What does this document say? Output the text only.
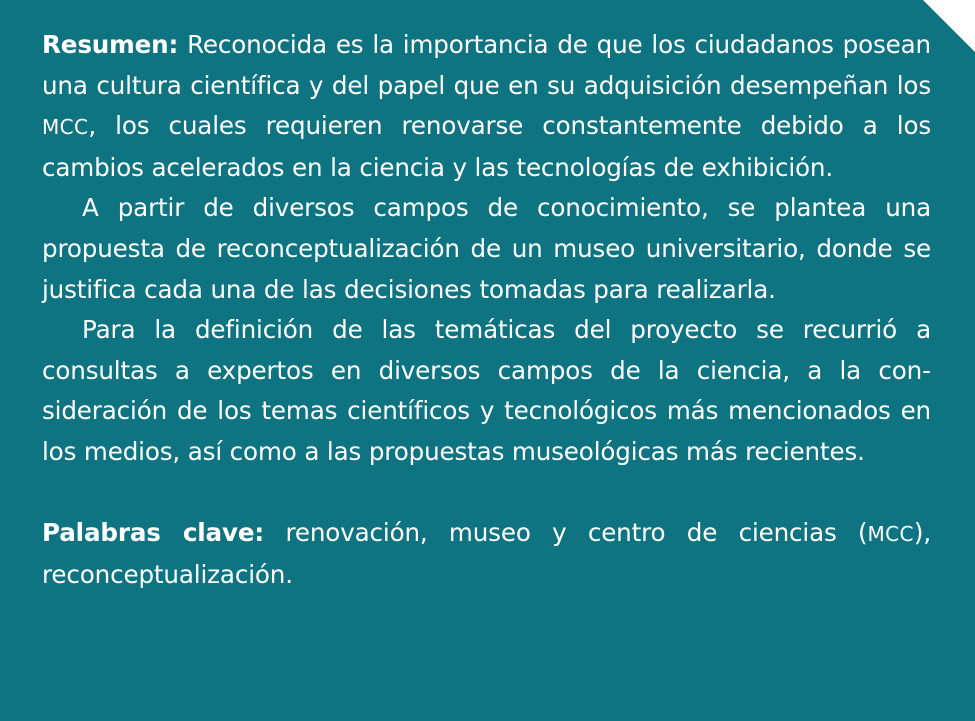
Resumen: Reconocida es la importancia de que los ciudadanos posean una cultura científica y del papel que en su adquisición desempeñan los MCC, los cuales requieren renovarse constantemente debido a los cambios acelerados en la ciencia y las tecnologías de exhibición.

A partir de diversos campos de conocimiento, se plantea una propuesta de reconceptualización de un museo universitario, donde se justifica cada una de las decisiones tomadas para realizarla.

Para la definición de las temáticas del proyecto se recurrió a consultas a expertos en diversos campos de la ciencia, a la consideración de los temas científicos y tecnológicos más mencionados en los medios, así como a las propuestas museológicas más recientes.

Palabras clave: renovación, museo y centro de ciencias (MCC), reconceptualización.
